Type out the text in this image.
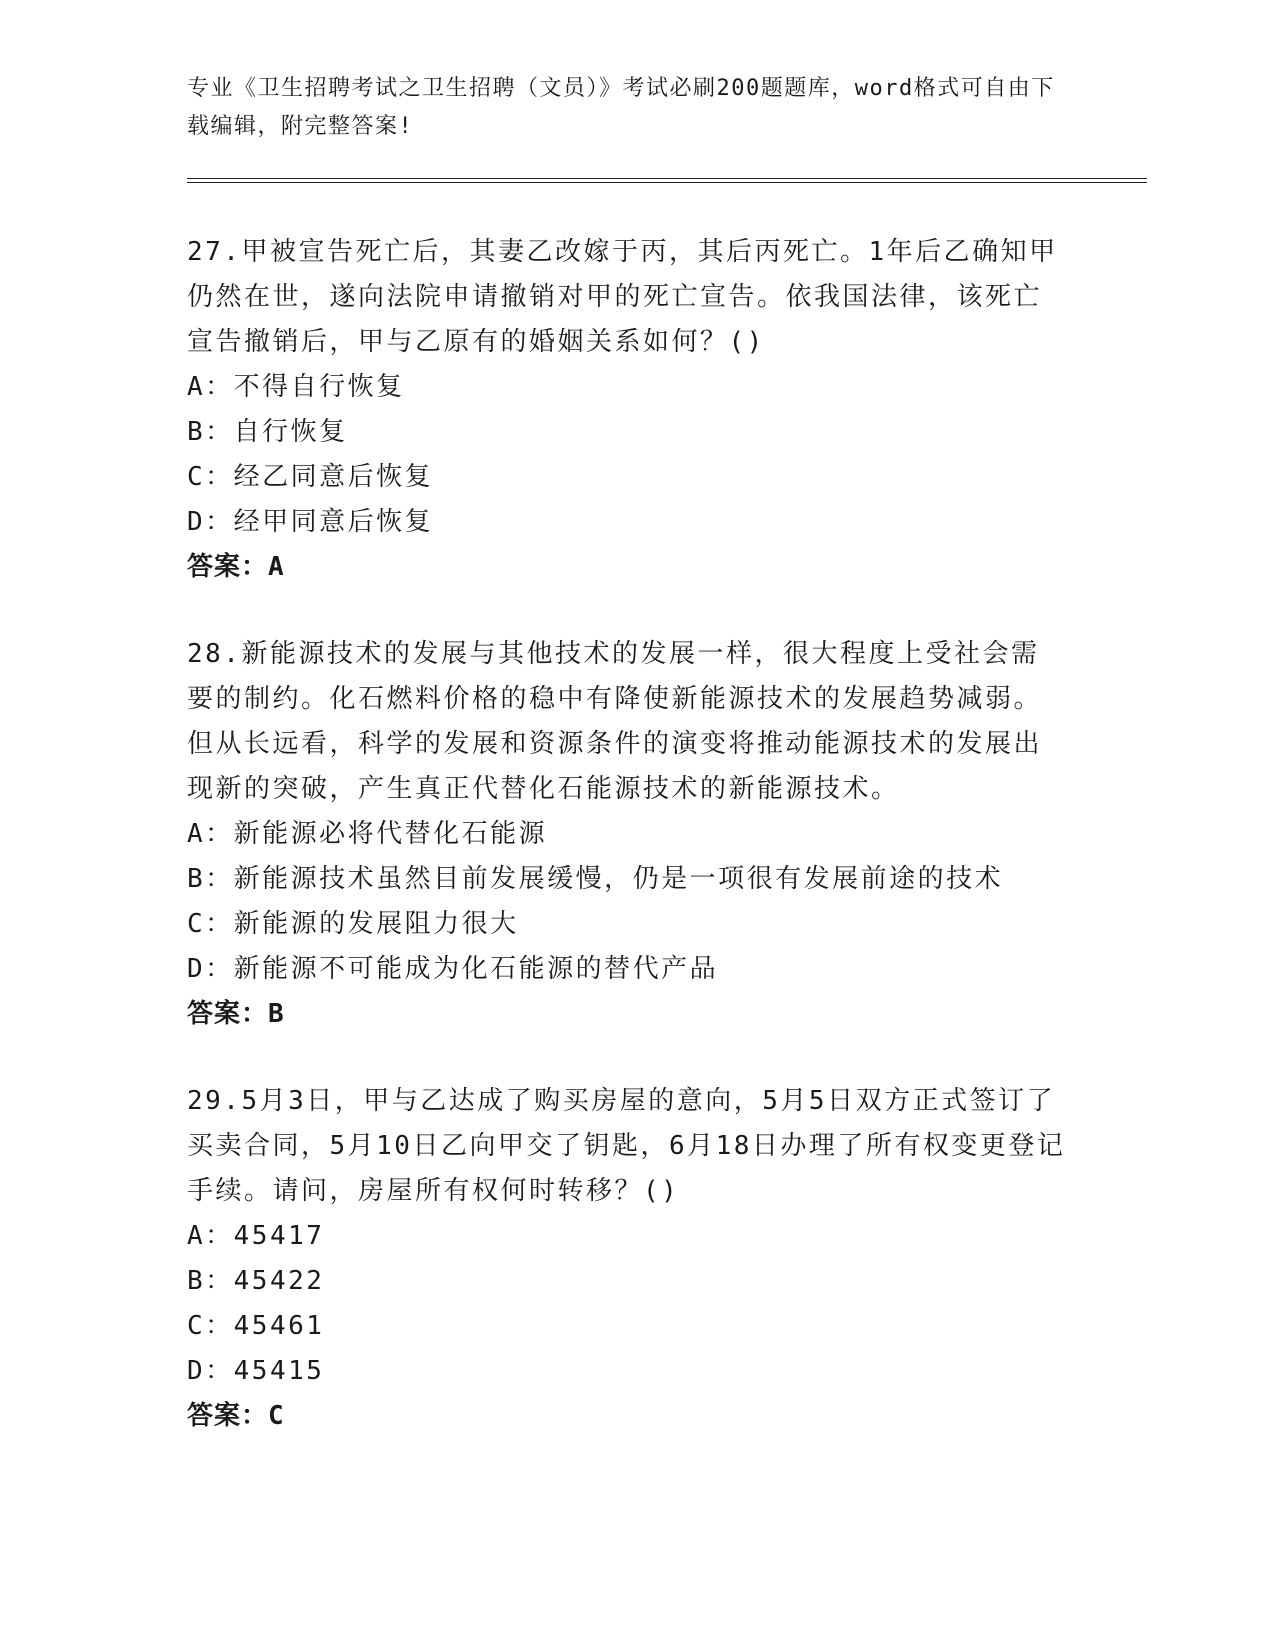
专业《卫生招聘考试之卫生招聘（文员）》考试必刷200题题库，word格式可自由下载编辑，附完整答案!

27.甲被宣告死亡后，其妻乙改嫁于丙，其后丙死亡。1年后乙确知甲仍然在世，遂向法院申请撤销对甲的死亡宣告。依我国法律，该死亡宣告撤销后，甲与乙原有的婚姻关系如何？()

A：不得自行恢复

B：自行恢复

C：经乙同意后恢复

D：经甲同意后恢复

答案：A

28.新能源技术的发展与其他技术的发展一样，很大程度上受社会需要的制约。化石燃料价格的稳中有降使新能源技术的发展趋势减弱。但从长远看，科学的发展和资源条件的演变将推动能源技术的发展出现新的突破，产生真正代替化石能源技术的新能源技术。

A：新能源必将代替化石能源

B：新能源技术虽然目前发展缓慢，仍是一项很有发展前途的技术

C：新能源的发展阻力很大

D：新能源不可能成为化石能源的替代产品

答案：B

29.5月3日，甲与乙达成了购买房屋的意向，5月5日双方正式签订了买卖合同，5月10日乙向甲交了钥匙，6月18日办理了所有权变更登记手续。请问，房屋所有权何时转移？()

A：45417

B：45422

C：45461

D：45415

答案：C
